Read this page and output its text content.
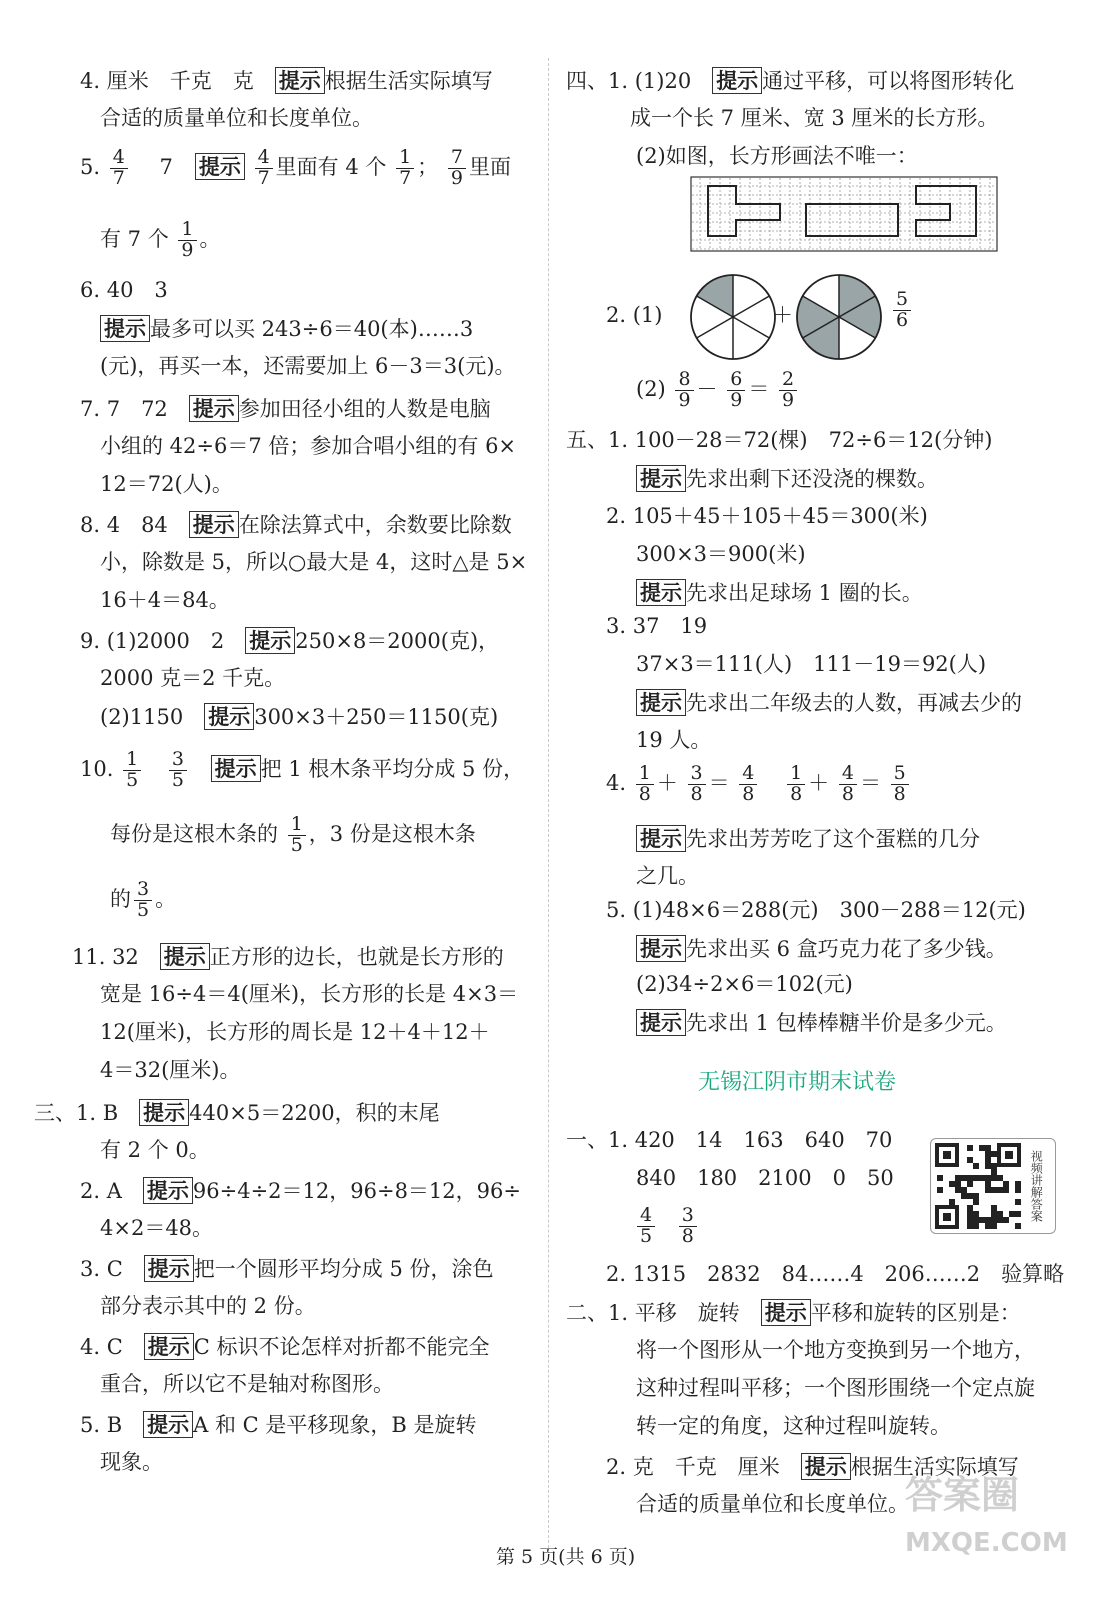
4. 厘米　千克　克　提示 根据生活实际填写
合适的质量单位和长度单位。
5. $\frac{4}{7} 7$ 提示 $\frac{4}{7}$ 里面有 4 个 $\frac{1}{7}$ ； $\frac{7}{9}$ 里面
有 7 个 $\frac{1}{9}$ 。
6. 40　3
提示 最多可以买 243÷6＝40(本)……3
(元)，再买一本，还需要加上 6－3＝3(元)。
7. 7　72　提示 参加田径小组的人数是电脑
小组的 42÷6＝7 倍；参加合唱小组的有 6×
12＝72(人)。
8. 4　84　提示 在除法算式中，余数要比除数
小，除数是 5，所以○最大是 4，这时△是 5×
16＋4＝84。
9. (1)2000　2　提示 250×8＝2000(克)，
2000 克＝2 千克。
(2)1150　提示 300×3＋250＝1150(克)
10. $\frac{1}{5}$
$\frac{3}{5}$ 提示 把 1 根木条平均分成 5 份，
每份是这根木条的 $\frac{1}{5}$ ，3 份是这根木条
的 $\frac{3}{5}$ 。
11. 32　提示 正方形的边长，也就是长方形的
宽是 16÷4＝4(厘米)，长方形的长是 4×3＝
12(厘米)，长方形的周长是 12＋4＋12＋
4＝32(厘米)。
三、1. B　提示 440×5＝2200，积的末尾
有 2 个 0。
2. A　提示 96÷4÷2＝12，96÷8＝12，96÷
4×2＝48。
3. C　提示 把一个圆形平均分成 5 份，涂色
部分表示其中的 2 份。
4. C　提示 C 标识不论怎样对折都不能完全
重合，所以它不是轴对称图形。
5. B　提示 A 和 C 是平移现象，B 是旋转
现象。
四、1. (1)20　提示 通过平移，可以将图形转化
成一个长 7 厘米、宽 3 厘米的长方形。
(2)如图，长方形画法不唯一：
2. (1)	＋	$\frac{5}{6}$
$(2) \frac{8}{9} - \frac{6}{9} = \frac{2}{9}$
五、1. 100－28＝72(棵)　72÷6＝12(分钟)
提示 先求出剩下还没浇的棵数。
2. 105＋45＋105＋45＝300(米)
300×3＝900(米)
提示 先求出足球场 1 圈的长。
3. 37　19
37×3＝111(人)　111－19＝92(人)
提示 先求出二年级去的人数，再减去少的
19 人。
4. $\frac{1}{8} + \frac{3}{8} = \frac{4}{8}$
$\frac{1}{8} + \frac{4}{8} = \frac{5}{8}$
提示 先求出芳芳吃了这个蛋糕的几分
之几。
5. (1)48×6＝288(元)　300－288＝12(元)
提示 先求出买 6 盒巧克力花了多少钱。
(2)34÷2×6＝102(元)
提示 先求出 1 包棒棒糖半价是多少元。
无锡江阴市期末试卷
一、1. 420　14　163　640　70
840　180　2100　0　50
$\frac{4}{5}$
$\frac{3}{8}$
视频讲解答案
2. 1315　2832　84……4　206……2　验算略
二、1. 平移　旋转　提示 平移和旋转的区别是：
将一个图形从一个地方变换到另一个地方，
这种过程叫平移；一个图形围绕一个定点旋
转一定的角度，这种过程叫旋转。
2. 克　千克　厘米　提示 根据生活实际填写
合适的质量单位和长度单位。
第 5 页(共 6 页)
答案圈
MXQE.COM
